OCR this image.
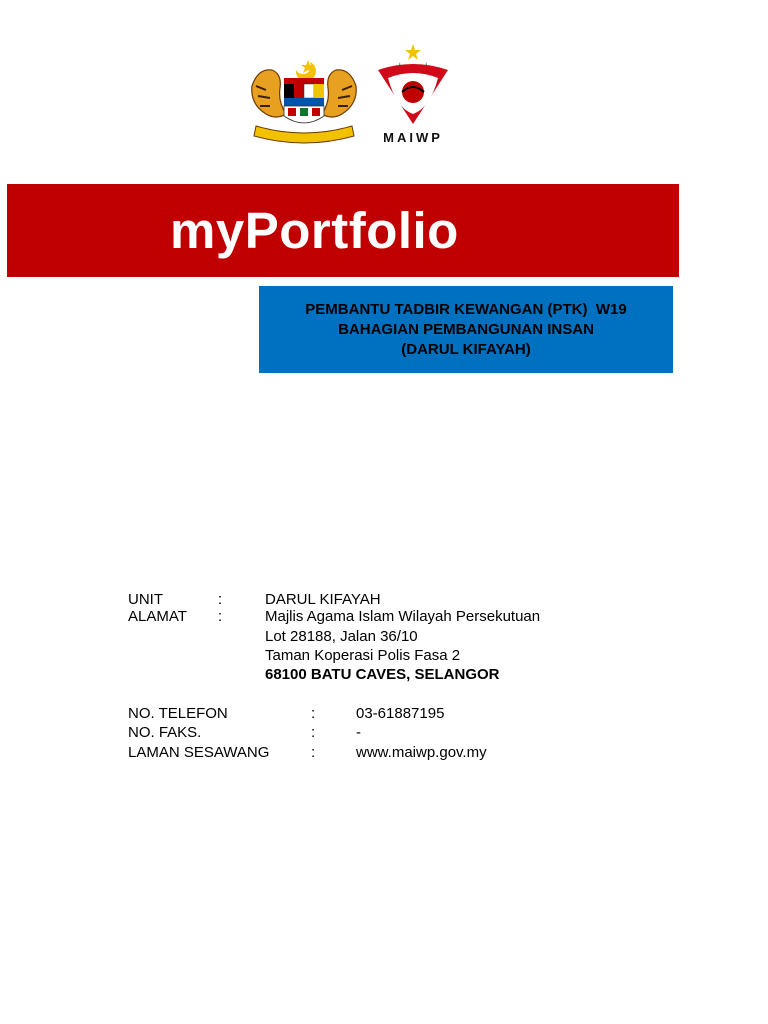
MAIWP
myPortfolio
PEMBANTU TADBIR KEWANGAN (PTK)  W19
BAHAGIAN PEMBANGUNAN INSAN
(DARUL KIFAYAH)
UNIT	:	DARUL KIFAYAH
ALAMAT :	Majlis Agama Islam Wilayah Persekutuan
Lot 28188, Jalan 36/10
Taman Koperasi Polis Fasa 2
68100 BATU CAVES, SELANGOR
NO. TELEFON	:	03-61887195
NO. FAKS.	:	-
LAMAN SESAWANG	:	www.maiwp.gov.my
